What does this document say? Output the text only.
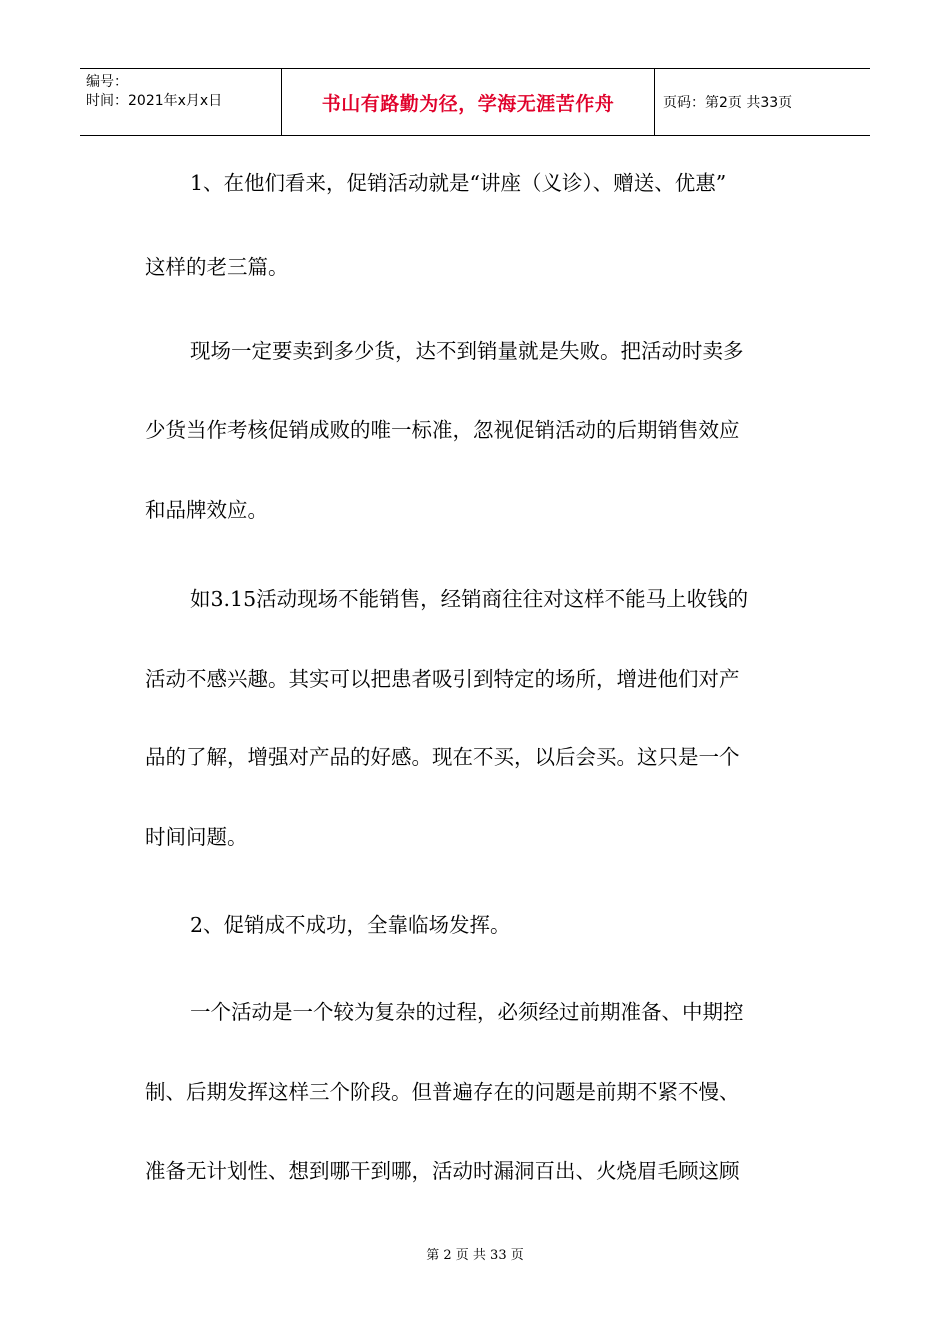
编号：
时间：2021年x月x日	书山有路勤为径，学海无涯苦作舟	页码：第2页 共33页
1、在他们看来，促销活动就是“讲座（义诊）、赠送、优惠”
这样的老三篇。
现场一定要卖到多少货，达不到销量就是失败。把活动时卖多
少货当作考核促销成败的唯一标准，忽视促销活动的后期销售效应
和品牌效应。
如3.15活动现场不能销售，经销商往往对这样不能马上收钱的
活动不感兴趣。其实可以把患者吸引到特定的场所，增进他们对产
品的了解，增强对产品的好感。现在不买，以后会买。这只是一个
时间问题。
2、促销成不成功，全靠临场发挥。
一个活动是一个较为复杂的过程，必须经过前期准备、中期控
制、后期发挥这样三个阶段。但普遍存在的问题是前期不紧不慢、
准备无计划性、想到哪干到哪，活动时漏洞百出、火烧眉毛顾这顾
第 2 页 共 33 页
